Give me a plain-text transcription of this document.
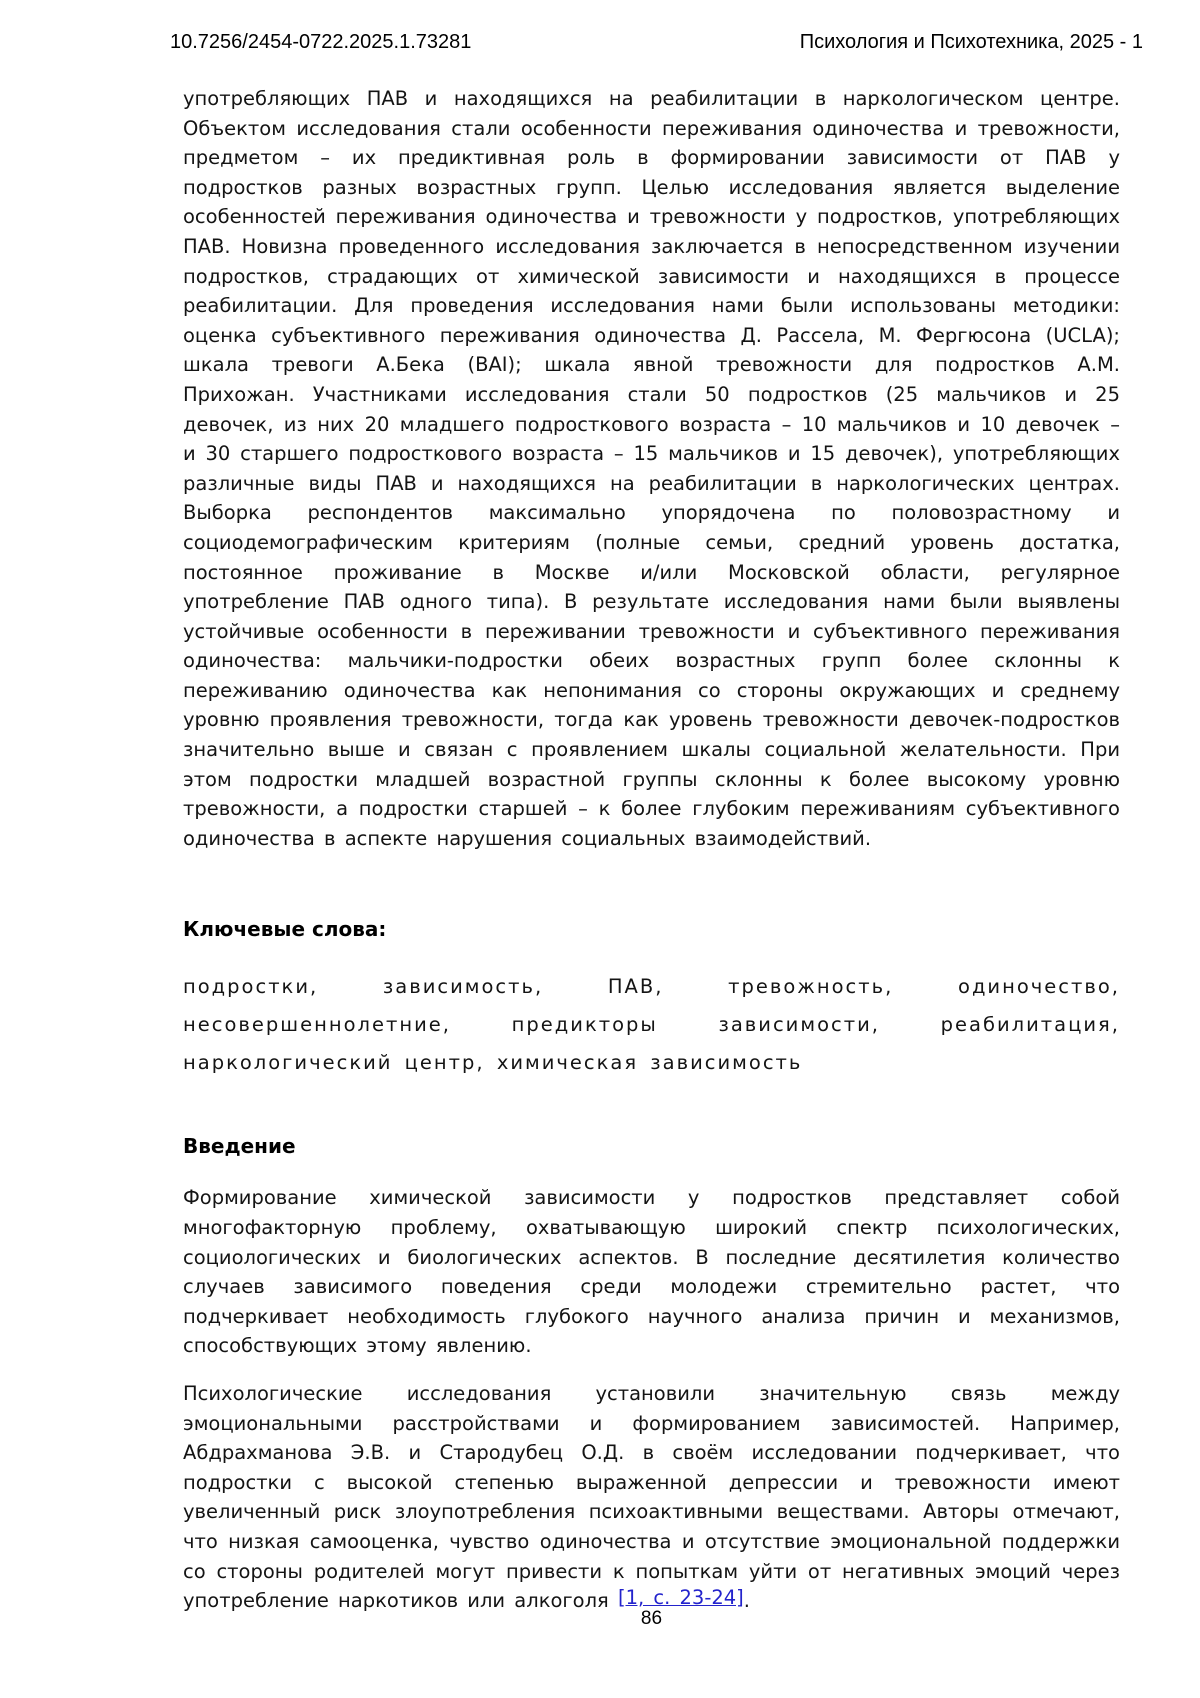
10.7256/2454-0722.2025.1.73281	Психология и Психотехника, 2025 - 1

употребляющих ПАВ и находящихся на реабилитации в наркологическом центре. Объектом исследования стали особенности переживания одиночества и тревожности, предметом – их предиктивная роль в формировании зависимости от ПАВ у подростков разных возрастных групп. Целью исследования является выделение особенностей переживания одиночества и тревожности у подростков, употребляющих ПАВ. Новизна проведенного исследования заключается в непосредственном изучении подростков, страдающих от химической зависимости и находящихся в процессе реабилитации. Для проведения исследования нами были использованы методики: оценка субъективного переживания одиночества Д. Рассела, М. Фергюсона (UCLA); шкала тревоги А.Бека (BAI); шкала явной тревожности для подростков А.М. Прихожан. Участниками исследования стали 50 подростков (25 мальчиков и 25 девочек, из них 20 младшего подросткового возраста – 10 мальчиков и 10 девочек – и 30 старшего подросткового возраста – 15 мальчиков и 15 девочек), употребляющих различные виды ПАВ и находящихся на реабилитации в наркологических центрах. Выборка респондентов максимально упорядочена по половозрастному и социодемографическим критериям (полные семьи, средний уровень достатка, постоянное проживание в Москве и/или Московской области, регулярное употребление ПАВ одного типа). В результате исследования нами были выявлены устойчивые особенности в переживании тревожности и субъективного переживания одиночества: мальчики-подростки обеих возрастных групп более склонны к переживанию одиночества как непонимания со стороны окружающих и среднему уровню проявления тревожности, тогда как уровень тревожности девочек-подростков значительно выше и связан с проявлением шкалы социальной желательности. При этом подростки младшей возрастной группы склонны к более высокому уровню тревожности, а подростки старшей – к более глубоким переживаниям субъективного одиночества в аспекте нарушения социальных взаимодействий.

Ключевые слова:

подростки, зависимость, ПАВ, тревожность, одиночество, несовершеннолетние, предикторы зависимости, реабилитация, наркологический центр, химическая зависимость

Введение

Формирование химической зависимости у подростков представляет собой многофакторную проблему, охватывающую широкий спектр психологических, социологических и биологических аспектов. В последние десятилетия количество случаев зависимого поведения среди молодежи стремительно растет, что подчеркивает необходимость глубокого научного анализа причин и механизмов, способствующих этому явлению.

Психологические исследования установили значительную связь между эмоциональными расстройствами и формированием зависимостей. Например, Абдрахманова Э.В. и Стародубец О.Д. в своём исследовании подчеркивает, что подростки с высокой степенью выраженной депрессии и тревожности имеют увеличенный риск злоупотребления психоактивными веществами. Авторы отмечают, что низкая самооценка, чувство одиночества и отсутствие эмоциональной поддержки со стороны родителей могут привести к попыткам уйти от негативных эмоций через употребление наркотиков или алкоголя [1, с. 23-24].

86
